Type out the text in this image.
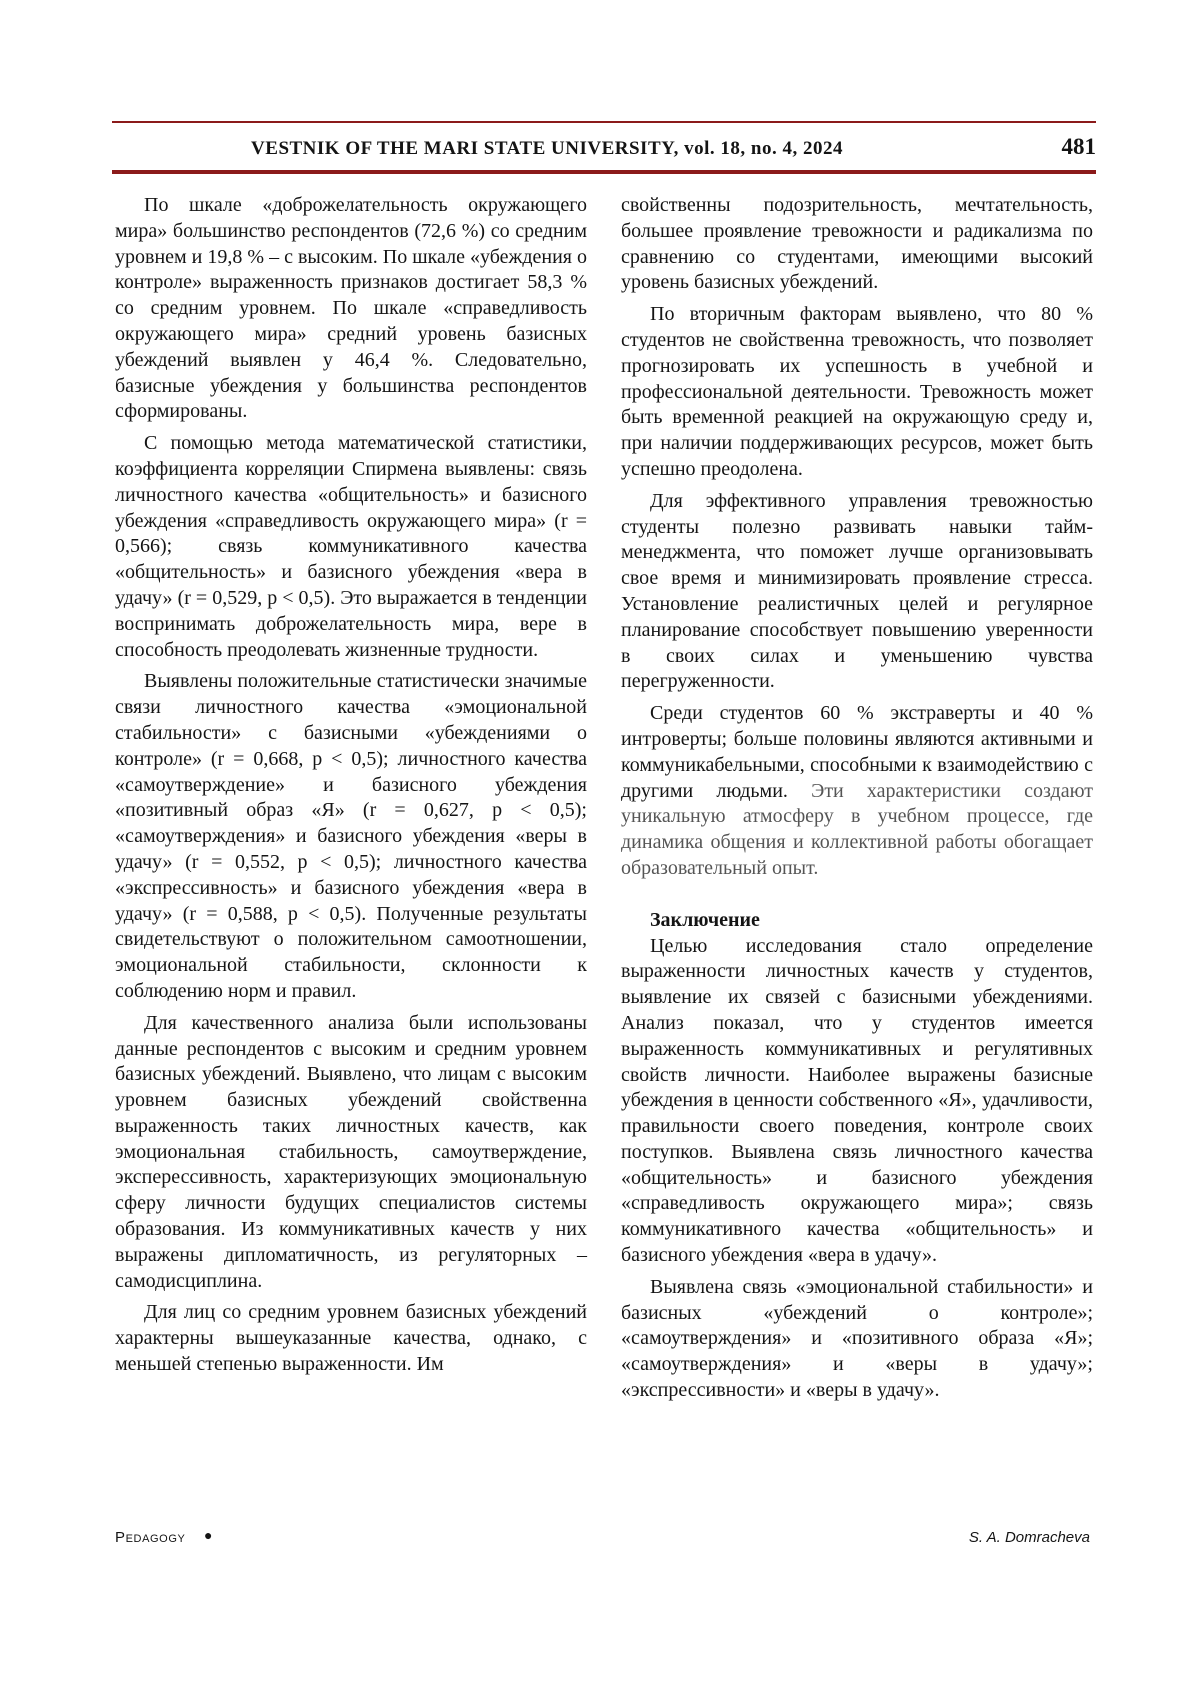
VESTNIK OF THE MARI STATE UNIVERSITY, vol. 18, no. 4, 2024	481

По шкале «доброжелательность окружающего мира» большинство респондентов (72,6 %) со средним уровнем и 19,8 % – с высоким. По шкале «убеждения о контроле» выраженность признаков достигает 58,3 % со средним уровнем. По шкале «справедливость окружающего мира» средний уровень базисных убеждений выявлен у 46,4 %. Следовательно, базисные убеждения у большинства респондентов сформированы.

С помощью метода математической статистики, коэффициента корреляции Спирмена выявлены: связь личностного качества «общительность» и базисного убеждения «справедливость окружающего мира» (r = 0,566); связь коммуникативного качества «общительность» и базисного убеждения «вера в удачу» (r = 0,529, p < 0,5). Это выражается в тенденции воспринимать доброжелательность мира, вере в способность преодолевать жизненные трудности.

Выявлены положительные статистически значимые связи личностного качества «эмоциональной стабильности» с базисными «убеждениями о контроле» (r = 0,668, p < 0,5); личностного качества «самоутверждение» и базисного убеждения «позитивный образ «Я» (r = 0,627, p < 0,5); «самоутверждения» и базисного убеждения «веры в удачу» (r = 0,552, p < 0,5); личностного качества «экспрессивность» и базисного убеждения «вера в удачу» (r = 0,588, p < 0,5). Полученные результаты свидетельствуют о положительном самоотношении, эмоциональной стабильности, склонности к соблюдению норм и правил.

Для качественного анализа были использованы данные респондентов с высоким и средним уровнем базисных убеждений. Выявлено, что лицам с высоким уровнем базисных убеждений свойственна выраженность таких личностных качеств, как эмоциональная стабильность, самоутверждение, эксперессивность, характеризующих эмоциональную сферу личности будущих специалистов системы образования. Из коммуникативных качеств у них выражены дипломатичность, из регуляторных – самодисциплина.

Для лиц со средним уровнем базисных убеждений характерны вышеуказанные качества, однако, с меньшей степенью выраженности. Им

свойственны подозрительность, мечтательность, большее проявление тревожности и радикализма по сравнению со студентами, имеющими высокий уровень базисных убеждений.

По вторичным факторам выявлено, что 80 % студентов не свойственна тревожность, что позволяет прогнозировать их успешность в учебной и профессиональной деятельности. Тревожность может быть временной реакцией на окружающую среду и, при наличии поддерживающих ресурсов, может быть успешно преодолена.

Для эффективного управления тревожностью студенты полезно развивать навыки тайм-менеджмента, что поможет лучше организовывать свое время и минимизировать проявление стресса. Установление реалистичных целей и регулярное планирование способствует повышению уверенности в своих силах и уменьшению чувства перегруженности.

Среди студентов 60 % экстраверты и 40 % интроверты; больше половины являются активными и коммуникабельными, способными к взаимодействию с другими людьми. Эти характеристики создают уникальную атмосферу в учебном процессе, где динамика общения и коллективной работы обогащает образовательный опыт.

Заключение

Целью исследования стало определение выраженности личностных качеств у студентов, выявление их связей с базисными убеждениями. Анализ показал, что у студентов имеется выраженность коммуникативных и регулятивных свойств личности. Наиболее выражены базисные убеждения в ценности собственного «Я», удачливости, правильности своего поведения, контроле своих поступков. Выявлена связь личностного качества «общительность» и базисного убеждения «справедливость окружающего мира»; связь коммуникативного качества «общительность» и базисного убеждения «вера в удачу».

Выявлена связь «эмоциональной стабильности» и базисных «убеждений о контроле»; «самоутверждения» и «позитивного образа «Я»; «самоутверждения» и «веры в удачу»; «экспрессивности» и «веры в удачу».

Pedagogy ●	S. A. Domracheva
